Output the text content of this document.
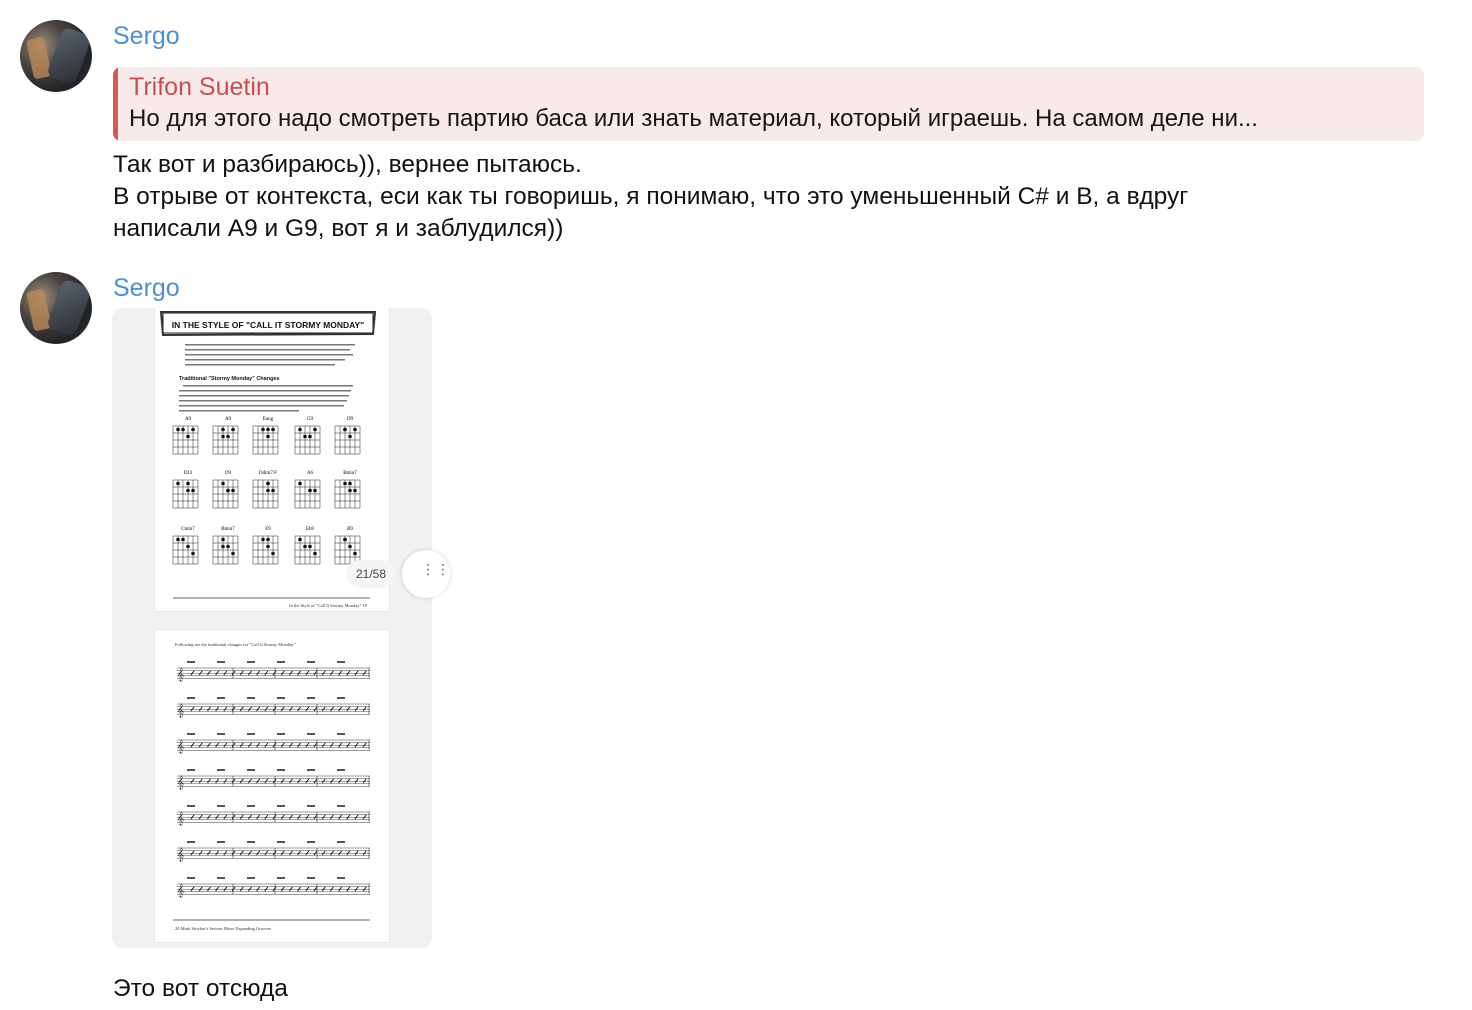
Sergo
Trifon Suetin
Но для этого надо смотреть партию баса или знать материал, который играешь. На самом деле ни...
Так вот и разбираюсь)), вернее пытаюсь.
В отрыве от контекста, еси как ты говоришь, я понимаю, что это уменьшенный C# и B, а вдруг
написали A9 и G9, вот я и заблудился))
Sergo
IN THE STYLE OF "CALL IT STORMY MONDAY"
Traditional "Stormy Monday" Changes
A9	A9	Eaug	G9	D9
D13	D9	Ddim7/F	A6	Bmin7
Cmin7	Bmin7	E9	Eb9	B9
In the Style of "Call It Stormy Monday" 19
Following are the traditional changes for "Call It Stormy Monday."
𝄞
𝄞
𝄞
𝄞
𝄞
𝄞
𝄞
20 Mark Stricker's Serious Blues Expanding Grooves
21/58	⋮⋮
Это вот отсюда
